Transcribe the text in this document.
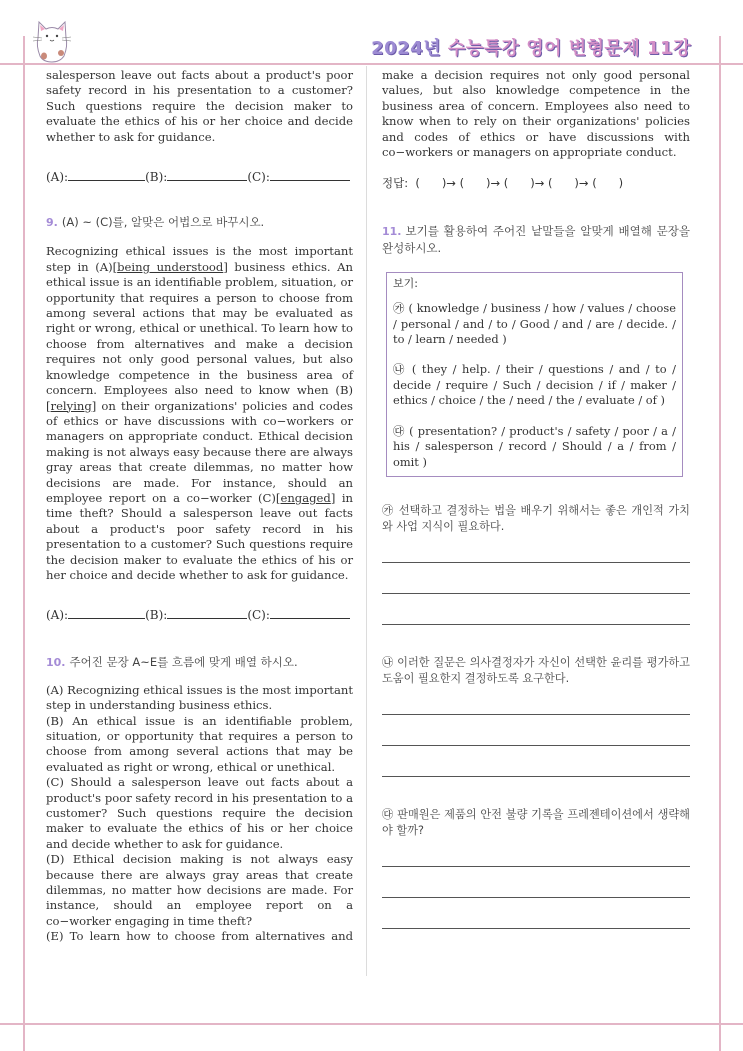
2024년 수능특강 영어 변형문제 11강

salesperson leave out facts about a product's poor safety record in his presentation to a customer? Such questions require the decision maker to evaluate the ethics of his or her choice and decide whether to ask for guidance.

(A):	(B):	(C):
9. (A) ~ (C)를, 알맞은 어법으로 바꾸시오.

Recognizing ethical issues is the most important step in (A)[being understood] business ethics. An ethical issue is an identifiable problem, situation, or opportunity that requires a person to choose from among several actions that may be evaluated as right or wrong, ethical or unethical. To learn how to choose from alternatives and make a decision requires not only good personal values, but also knowledge competence in the business area of concern. Employees also need to know when (B)[relying] on their organizations' policies and codes of ethics or have discussions with co−workers or managers on appropriate conduct. Ethical decision making is not always easy because there are always gray areas that create dilemmas, no matter how decisions are made. For instance, should an employee report on a co−worker (C)[engaged] in time theft? Should a salesperson leave out facts about a product's poor safety record in his presentation to a customer? Such questions require the decision maker to evaluate the ethics of his or her choice and decide whether to ask for guidance.

(A):	(B):	(C):
10. 주어진 문장 A~E를 흐름에 맞게 배열 하시오.

(A) Recognizing ethical issues is the most important step in understanding business ethics.

(B) An ethical issue is an identifiable problem, situation, or opportunity that requires a person to choose from among several actions that may be evaluated as right or wrong, ethical or unethical.

(C) Should a salesperson leave out facts about a product's poor safety record in his presentation to a customer? Such questions require the decision maker to evaluate the ethics of his or her choice and decide whether to ask for guidance.

(D) Ethical decision making is not always easy because there are always gray areas that create dilemmas, no matter how decisions are made. For instance, should an employee report on a co−worker engaging in time theft?

(E) To learn how to choose from alternatives and

make a decision requires not only good personal values, but also knowledge competence in the business area of concern. Employees also need to know when to rely on their organizations' policies and codes of ethics or have discussions with co−workers or managers on appropriate conduct.

정답:  (      )→ (      )→ (      )→ (      )→ (      )
11. 보기를 활용하여 주어진 낱말들을 알맞게 배열해 문장을 완성하시오.
보기:

㉮ ( knowledge / business / how / values / choose / personal / and / to / Good / and / are / decide. / to / learn / needed )

㉯ ( they / help. / their / questions / and / to / decide / require / Such / decision / if / maker / ethics / choice / the / need / the / evaluate / of )

㉰ ( presentation? / product's / safety / poor / a / his / salesperson / record / Should / a / from / omit )

㉮ 선택하고 결정하는 법을 배우기 위해서는 좋은 개인적 가치와 사업 지식이 필요하다.
㉯ 이러한 질문은 의사결정자가 자신이 선택한 윤리를 평가하고 도움이 필요한지 결정하도록 요구한다.
㉰ 판매원은 제품의 안전 불량 기록을 프레젠테이션에서 생략해야 할까?
